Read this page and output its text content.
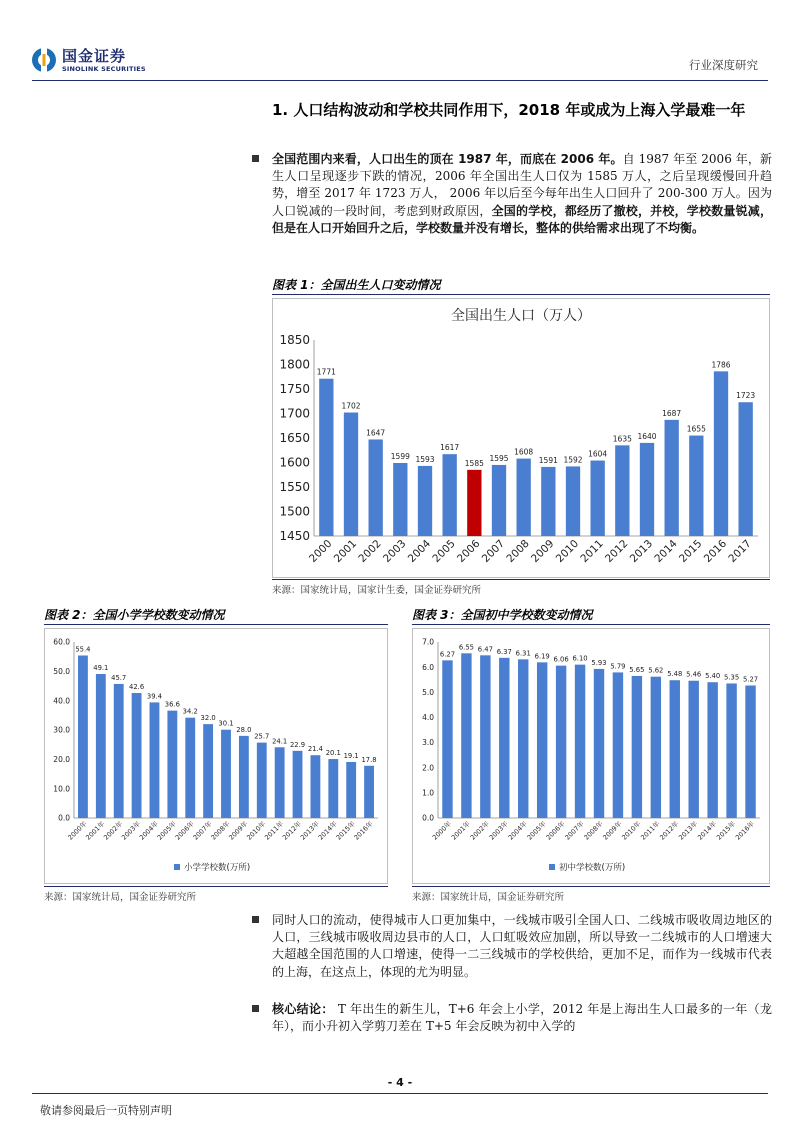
国金证券
SINOLINK SECURITIES	行业深度研究
1. 人口结构波动和学校共同作用下，2018 年或成为上海入学最难一年
全国范围内来看，人口出生的顶在 1987 年，而底在 2006 年。自 1987 年至 2006 年，新生人口呈现逐步下跌的情况，2006 年全国出生人口仅为 1585 万人，之后呈现缓慢回升趋势，增至 2017 年 1723 万人， 2006 年以后至今每年出生人口回升了 200-300 万人。因为人口锐减的一段时间，考虑到财政原因，全国的学校，都经历了撤校，并校，学校数量锐减，但是在人口开始回升之后，学校数量并没有增长，整体的供给需求出现了不均衡。
图表 1：全国出生人口变动情况
全国出生人口（万人）
1450
1500
1550
1600
1650
1700
1750
1800
1850
1771
2000
1702
2001
1647
2002
1599
2003
1593
2004
1617
2005
1585
2006
1595
2007
1608
2008
1591
2009
1592
2010
1604
2011
1635
2012
1640
2013
1687
2014
1655
2015
1786
2016
1723
2017
来源：国家统计局，国家计生委，国金证券研究所
图表 2：全国小学学校数变动情况
0.0
10.0
20.0
30.0
40.0
50.0
60.0
55.4
2000年
49.1
2001年
45.7
2002年
42.6
2003年
39.4
2004年
36.6
2005年
34.2
2006年
32.0
2007年
30.1
2008年
28.0
2009年
25.7
2010年
24.1
2011年
22.9
2012年
21.4
2013年
20.1
2014年
19.1
2015年
17.8
2016年
小学学校数(万所)
来源：国家统计局，国金证券研究所
图表 3：全国初中学校数变动情况
0.0
1.0
2.0
3.0
4.0
5.0
6.0
7.0
6.27
2000年
6.55
2001年
6.47
2002年
6.37
2003年
6.31
2004年
6.19
2005年
6.06
2006年
6.10
2007年
5.93
2008年
5.79
2009年
5.65
2010年
5.62
2011年
5.48
2012年
5.46
2013年
5.40
2014年
5.35
2015年
5.27
2016年
初中学校数(万所)
来源：国家统计局，国金证券研究所
同时人口的流动，使得城市人口更加集中，一线城市吸引全国人口、二线城市吸收周边地区的人口，三线城市吸收周边县市的人口，人口虹吸效应加剧，所以导致一二线城市的人口增速大大超越全国范围的人口增速，使得一二三线城市的学校供给，更加不足，而作为一线城市代表的上海，在这点上，体现的尤为明显。
核心结论： T 年出生的新生儿，T+6 年会上小学，2012 年是上海出生人口最多的一年（龙年），而小升初入学剪刀差在 T+5 年会反映为初中入学的
- 4 -
敬请参阅最后一页特别声明
